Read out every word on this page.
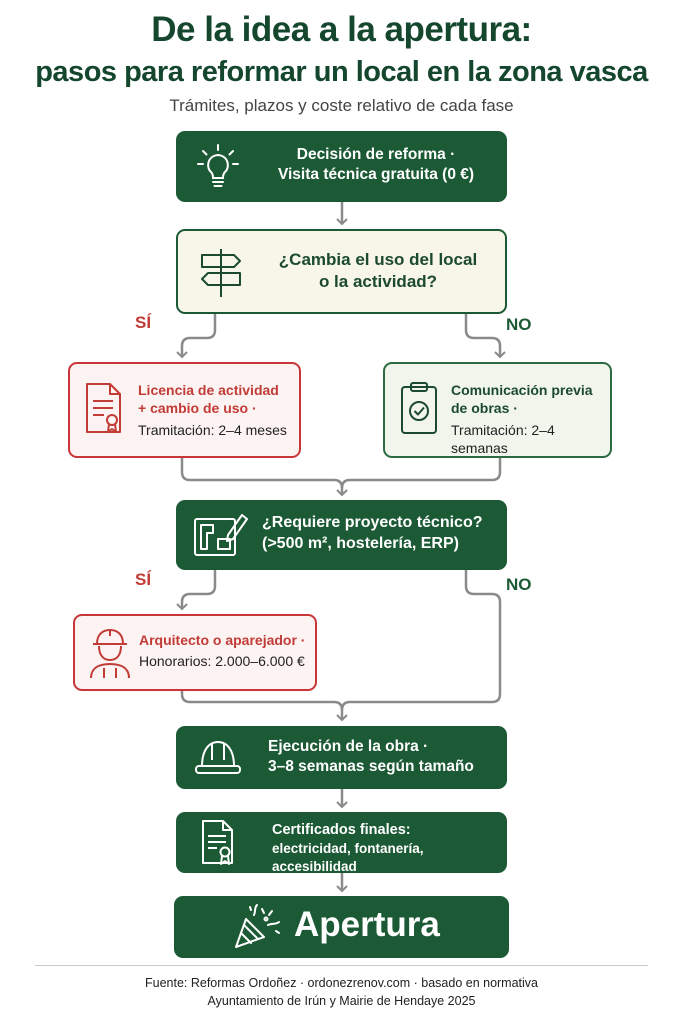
De la idea a la apertura:
pasos para reformar un local en la zona vasca
Trámites, plazos y coste relativo de cada fase
Decisión de reforma ·
Visita técnica gratuita (0 €)
¿Cambia el uso del local
o la actividad?
SÍ	NO
Licencia de actividad
+ cambio de uso ·
Tramitación: 2–4 meses
Comunicación previa
de obras ·
Tramitación: 2–4 semanas
¿Requiere proyecto técnico?
(>500 m², hostelería, ERP)
SÍ	NO
Arquitecto o aparejador ·
Honorarios: 2.000–6.000 €
Ejecución de la obra ·
3–8 semanas según tamaño
Certificados finales:
electricidad, fontanería, accesibilidad
Apertura
Fuente: Reformas Ordoñez · ordonezrenov.com · basado en normativa
Ayuntamiento de Irún y Mairie de Hendaye 2025
